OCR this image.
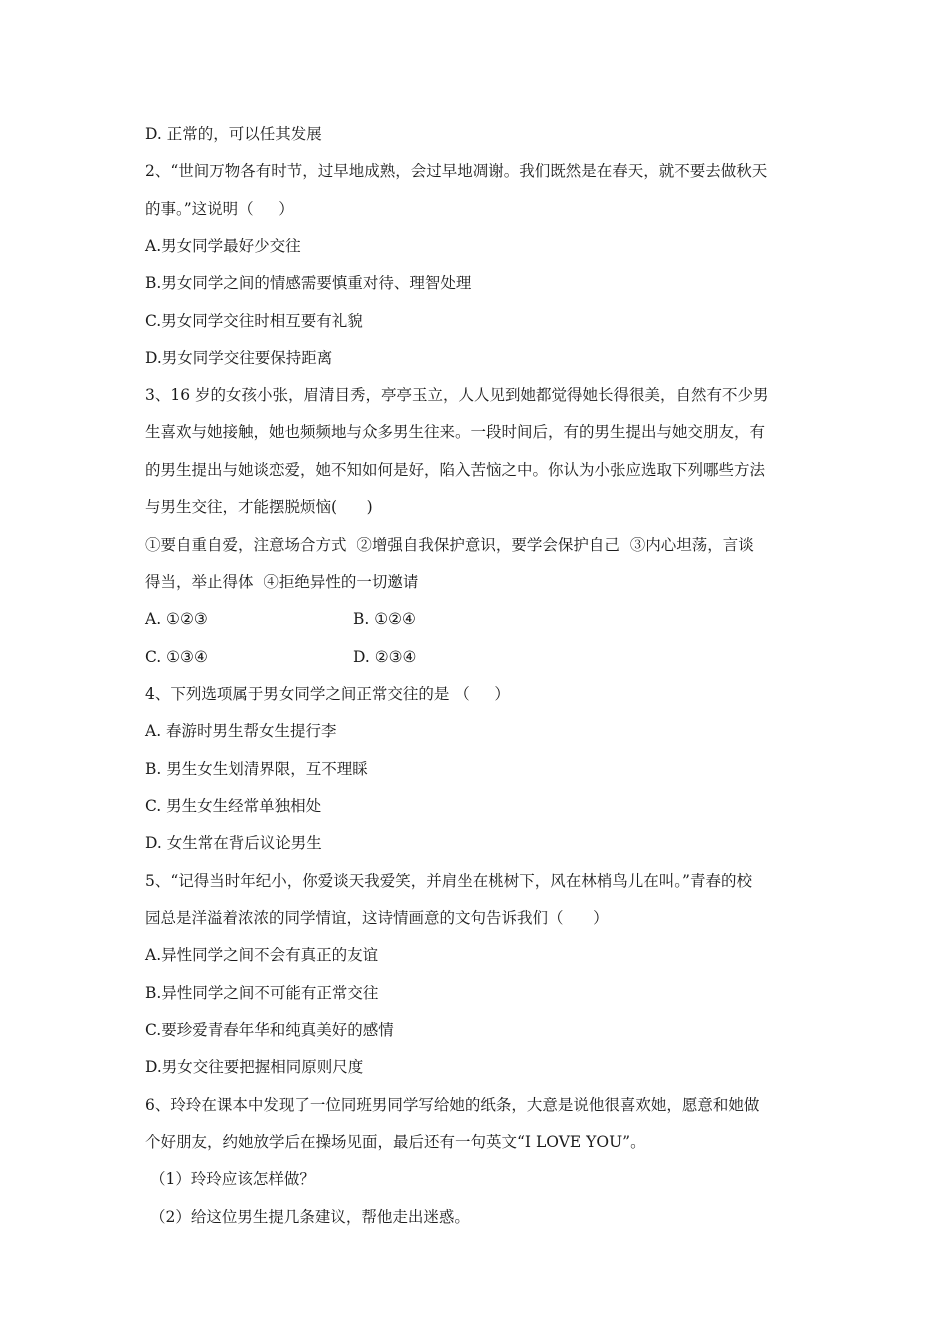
D. 正常的，可以任其发展
2、“世间万物各有时节，过早地成熟，会过早地凋谢。我们既然是在春天，就不要去做秋天
的事。”这说明（     ）
A.男女同学最好少交往
B.男女同学之间的情感需要慎重对待、理智处理
C.男女同学交往时相互要有礼貌
D.男女同学交往要保持距离
3、16 岁的女孩小张，眉清目秀，亭亭玉立，人人见到她都觉得她长得很美，自然有不少男
生喜欢与她接触，她也频频地与众多男生往来。一段时间后，有的男生提出与她交朋友，有
的男生提出与她谈恋爱，她不知如何是好，陷入苦恼之中。你认为小张应选取下列哪些方法
与男生交往，才能摆脱烦恼(      )
①要自重自爱，注意场合方式  ②增强自我保护意识，要学会保护自己  ③内心坦荡，言谈
得当，举止得体  ④拒绝异性的一切邀请
A. ①②③	B. ①②④
C. ①③④	D. ②③④
4、下列选项属于男女同学之间正常交往的是 （     ）
A. 春游时男生帮女生提行李
B. 男生女生划清界限，互不理睬
C. 男生女生经常单独相处
D. 女生常在背后议论男生
5、“记得当时年纪小，你爱谈天我爱笑，并肩坐在桃树下，风在林梢鸟儿在叫。”青春的校
园总是洋溢着浓浓的同学情谊，这诗情画意的文句告诉我们（      ）
A.异性同学之间不会有真正的友谊
B.异性同学之间不可能有正常交往
C.要珍爱青春年华和纯真美好的感情
D.男女交往要把握相同原则尺度
6、玲玲在课本中发现了一位同班男同学写给她的纸条，大意是说他很喜欢她，愿意和她做
个好朋友，约她放学后在操场见面，最后还有一句英文“I LOVE YOU”。
（1）玲玲应该怎样做？
（2）给这位男生提几条建议，帮他走出迷惑。
